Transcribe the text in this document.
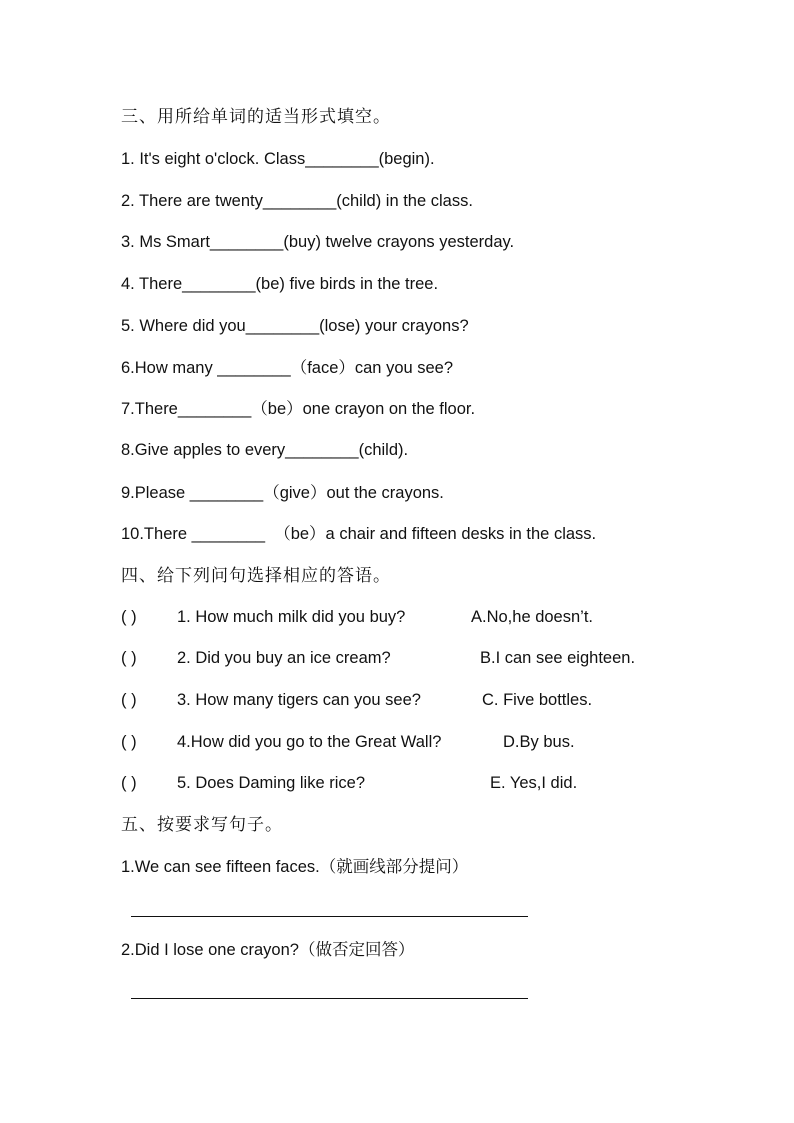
三、用所给单词的适当形式填空。
1. It's eight o'clock. Class________(begin).
2. There are twenty________(child) in the class.
3. Ms Smart________(buy) twelve crayons yesterday.
4. There________(be) five birds in the tree.
5. Where did you________(lose) your crayons?
6.How many ________（face）can you see?
7.There________（be）one crayon on the floor.
8.Give apples to every________(child).
9.Please ________（give）out the crayons.
10.There ________  （be）a chair and fifteen desks in the class.
四、给下列问句选择相应的答语。
( ) 1. How much milk did you buy?	A.No,he doesn’t.
( ) 2. Did you buy an ice cream?	B.I can see eighteen.
( ) 3. How many tigers can you see?	C. Five bottles.
( ) 4.How did you go to the Great Wall?	D.By bus.
( ) 5. Does Daming like rice?	E. Yes,I did.
五、按要求写句子。
1.We can see fifteen faces.（就画线部分提问）
2.Did I lose one crayon?（做否定回答）
